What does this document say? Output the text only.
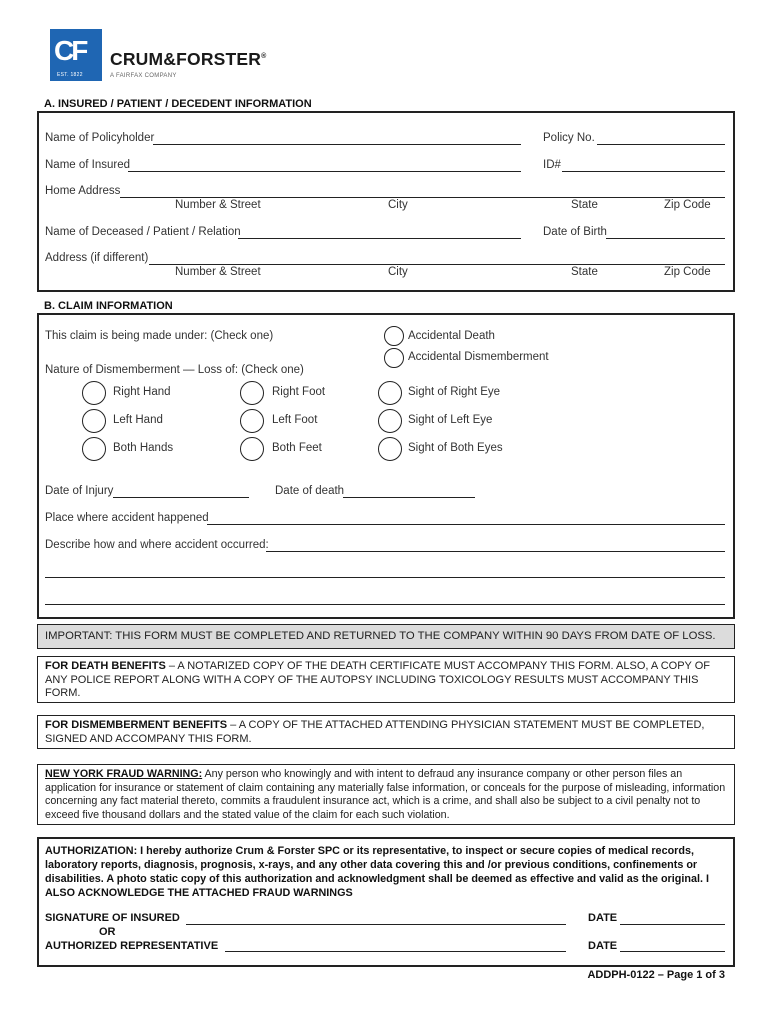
CF
EST. 1822
CRUM&FORSTER®
A FAIRFAX COMPANY
A. INSURED / PATIENT / DECEDENT INFORMATION
Name of Policyholder	Policy No.
Name of Insured	ID#
Home Address
Number & Street	City	State	Zip Code
Name of Deceased / Patient / Relation	Date of Birth
Address (if different)
Number & Street	City	State	Zip Code
B. CLAIM INFORMATION
This claim is being made under: (Check one)	Accidental Death
Accidental Dismemberment
Nature of Dismemberment — Loss of: (Check one)
Right Hand	Right Foot	Sight of Right Eye
Left Hand	Left Foot	Sight of Left Eye
Both Hands	Both Feet	Sight of Both Eyes
Date of Injury	Date of death
Place where accident happened
Describe how and where accident occurred:
IMPORTANT: THIS FORM MUST BE COMPLETED AND RETURNED TO THE COMPANY WITHIN 90 DAYS FROM DATE OF LOSS.
FOR DEATH BENEFITS – A NOTARIZED COPY OF THE DEATH CERTIFICATE MUST ACCOMPANY THIS FORM. ALSO, A COPY OF ANY POLICE REPORT ALONG WITH A COPY OF THE AUTOPSY INCLUDING TOXICOLOGY RESULTS MUST ACCOMPANY THIS FORM.
FOR DISMEMBERMENT BENEFITS – A COPY OF THE ATTACHED ATTENDING PHYSICIAN STATEMENT MUST BE COMPLETED, SIGNED AND ACCOMPANY THIS FORM.
NEW YORK FRAUD WARNING: Any person who knowingly and with intent to defraud any insurance company or other person files an application for insurance or statement of claim containing any materially false information, or conceals for the purpose of misleading, information concerning any fact material thereto, commits a fraudulent insurance act, which is a crime, and shall also be subject to a civil penalty not to exceed five thousand dollars and the stated value of the claim for each such violation.
AUTHORIZATION: I hereby authorize Crum & Forster SPC or its representative, to inspect or secure copies of medical records, laboratory reports, diagnosis, prognosis, x-rays, and any other data covering this and /or previous conditions, confinements or disabilities. A photo static copy of this authorization and acknowledgment shall be deemed as effective and valid as the original. I ALSO ACKNOWLEDGE THE ATTACHED FRAUD WARNINGS
SIGNATURE OF INSURED	DATE
OR
AUTHORIZED REPRESENTATIVE	DATE
ADDPH-0122 – Page 1 of 3
